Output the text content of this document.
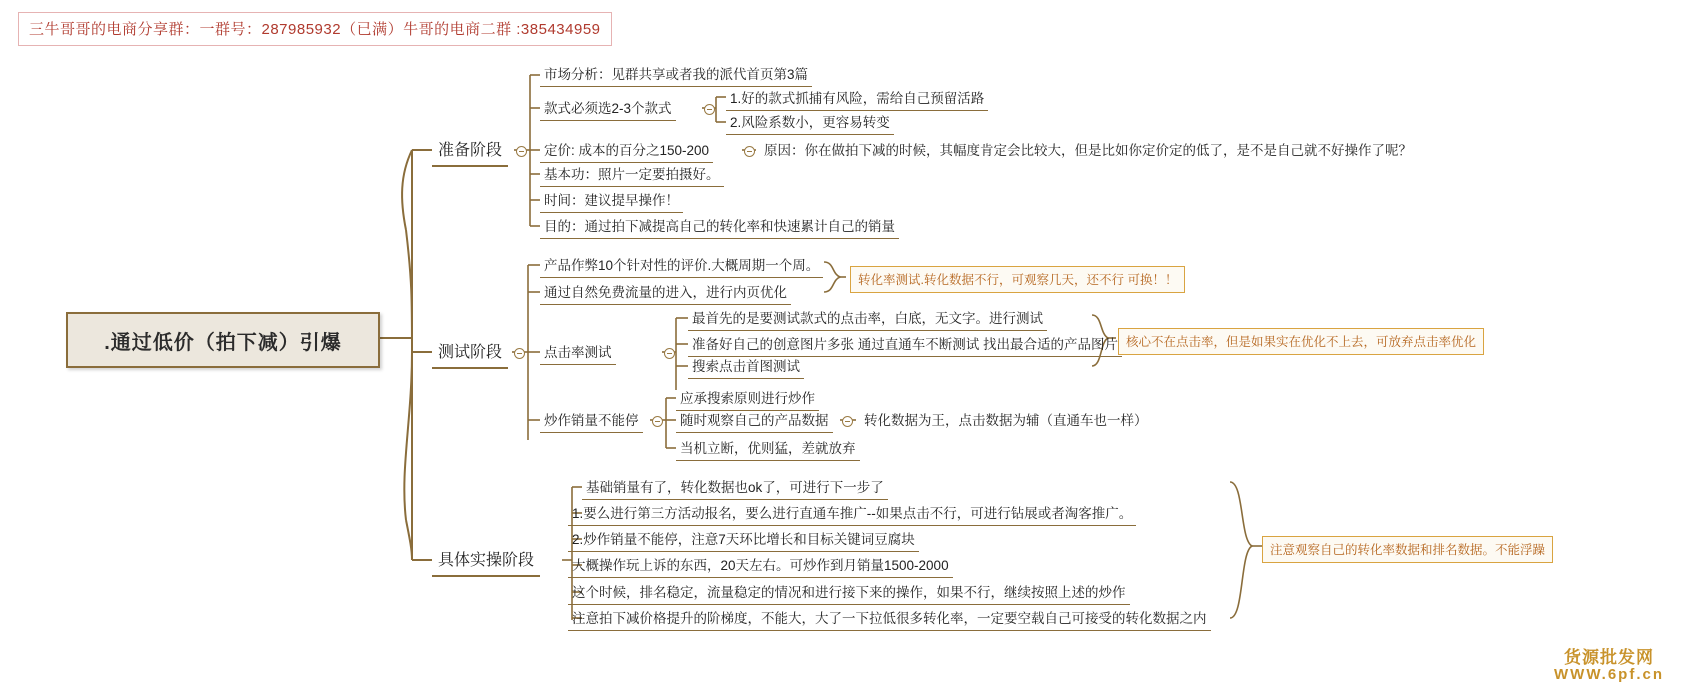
三牛哥哥的电商分享群：一群号：287985932（已满）牛哥的电商二群 :385434959
.通过低价（拍下减）引爆
准备阶段
测试阶段
具体实操阶段
市场分析：见群共享或者我的派代首页第3篇
款式必须选2-3个款式
定价: 成本的百分之150-200
基本功：照片一定要拍摄好。
时间：建议提早操作！
目的：通过拍下减提高自己的转化率和快速累计自己的销量
1.好的款式抓捕有风险，需给自己预留活路
2.风险系数小，更容易转变
原因：你在做拍下减的时候，其幅度肯定会比较大，但是比如你定价定的低了，是不是自己就不好操作了呢？
产品作弊10个针对性的评价.大概周期一个周。
通过自然免费流量的进入，进行内页优化
点击率测试
最首先的是要测试款式的点击率，白底，无文字。进行测试
准备好自己的创意图片多张 通过直通车不断测试 找出最合适的产品图片
搜索点击首图测试
炒作销量不能停
应承搜索原则进行炒作
随时观察自己的产品数据
当机立断，优则猛，差就放弃
转化数据为王，点击数据为辅（直通车也一样）
基础销量有了，转化数据也ok了，可进行下一步了
1.要么进行第三方活动报名，要么进行直通车推广--如果点击不行，可进行钻展或者淘客推广。
2.炒作销量不能停，注意7天环比增长和目标关键词豆腐块
大概操作玩上诉的东西，20天左右。可炒作到月销量1500-2000
这个时候，排名稳定，流量稳定的情况和进行接下来的操作，如果不行，继续按照上述的炒作
注意拍下减价格提升的阶梯度，不能大，大了一下拉低很多转化率，一定要空载自己可接受的转化数据之内
转化率测试.转化数据不行，可观察几天，还不行 可换！！
核心不在点击率，但是如果实在优化不上去，可放弃点击率优化
注意观察自己的转化率数据和排名数据。不能浮躁
货源批发网
WWW.6pf.cn
